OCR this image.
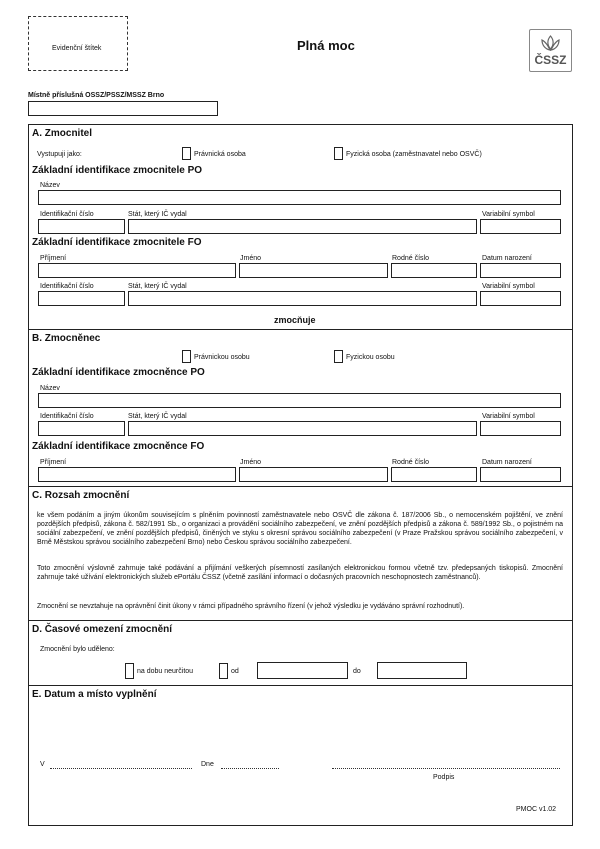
Evidenční štítek	Plná moc
ČSSZ
Místně příslušná OSSZ/PSSZ/MSSZ Brno
A. Zmocnitel
Vystupuji jako:	Právnická osoba	Fyzická osoba (zaměstnavatel nebo OSVČ)
Základní identifikace zmocnitele PO
Název
Identifikační číslo	Stát, který IČ vydal	Variabilní symbol
Základní identifikace zmocnitele FO
Příjmení	Jméno	Rodné číslo	Datum narození
Identifikační číslo	Stát, který IČ vydal	Variabilní symbol
zmocňuje
B. Zmocněnec
Právnickou osobu	Fyzickou osobu
Základní identifikace zmocněnce PO
Název
Identifikační číslo	Stát, který IČ vydal	Variabilní symbol
Základní identifikace zmocněnce FO
Příjmení	Jméno	Rodné číslo	Datum narození
C. Rozsah zmocnění
ke všem podáním a jiným úkonům souvisejícím s plněním povinností zaměstnavatele nebo OSVČ dle zákona č. 187/2006 Sb., o nemocenském pojištění, ve znění pozdějších předpisů, zákona č. 582/1991 Sb., o organizaci a provádění sociálního zabezpečení, ve znění pozdějších předpisů a zákona č. 589/1992 Sb., o pojistném na sociální zabezpečení, ve znění pozdějších předpisů, činěných ve styku s okresní správou sociálního zabezpečení (v Praze Pražskou správou sociálního zabezpečení, v Brně Městskou správou sociálního zabezpečení Brno) nebo Českou správou sociálního zabezpečení.
Toto zmocnění výslovně zahrnuje také podávání a přijímání veškerých písemností zasílaných elektronickou formou včetně tzv. předepsaných tiskopisů. Zmocnění zahrnuje také užívání elektronických služeb ePortálu ČSSZ (včetně zasílání informací o dočasných pracovních neschopnostech zaměstnanců).
Zmocnění se nevztahuje na oprávnění činit úkony v rámci případného správního řízení (v jehož výsledku je vydáváno správní rozhodnutí).
D. Časové omezení zmocnění
Zmocnění bylo uděleno:
na dobu neurčitou	od	do
E. Datum a místo vyplnění
V	Dne
Podpis
PMOC v1.02
